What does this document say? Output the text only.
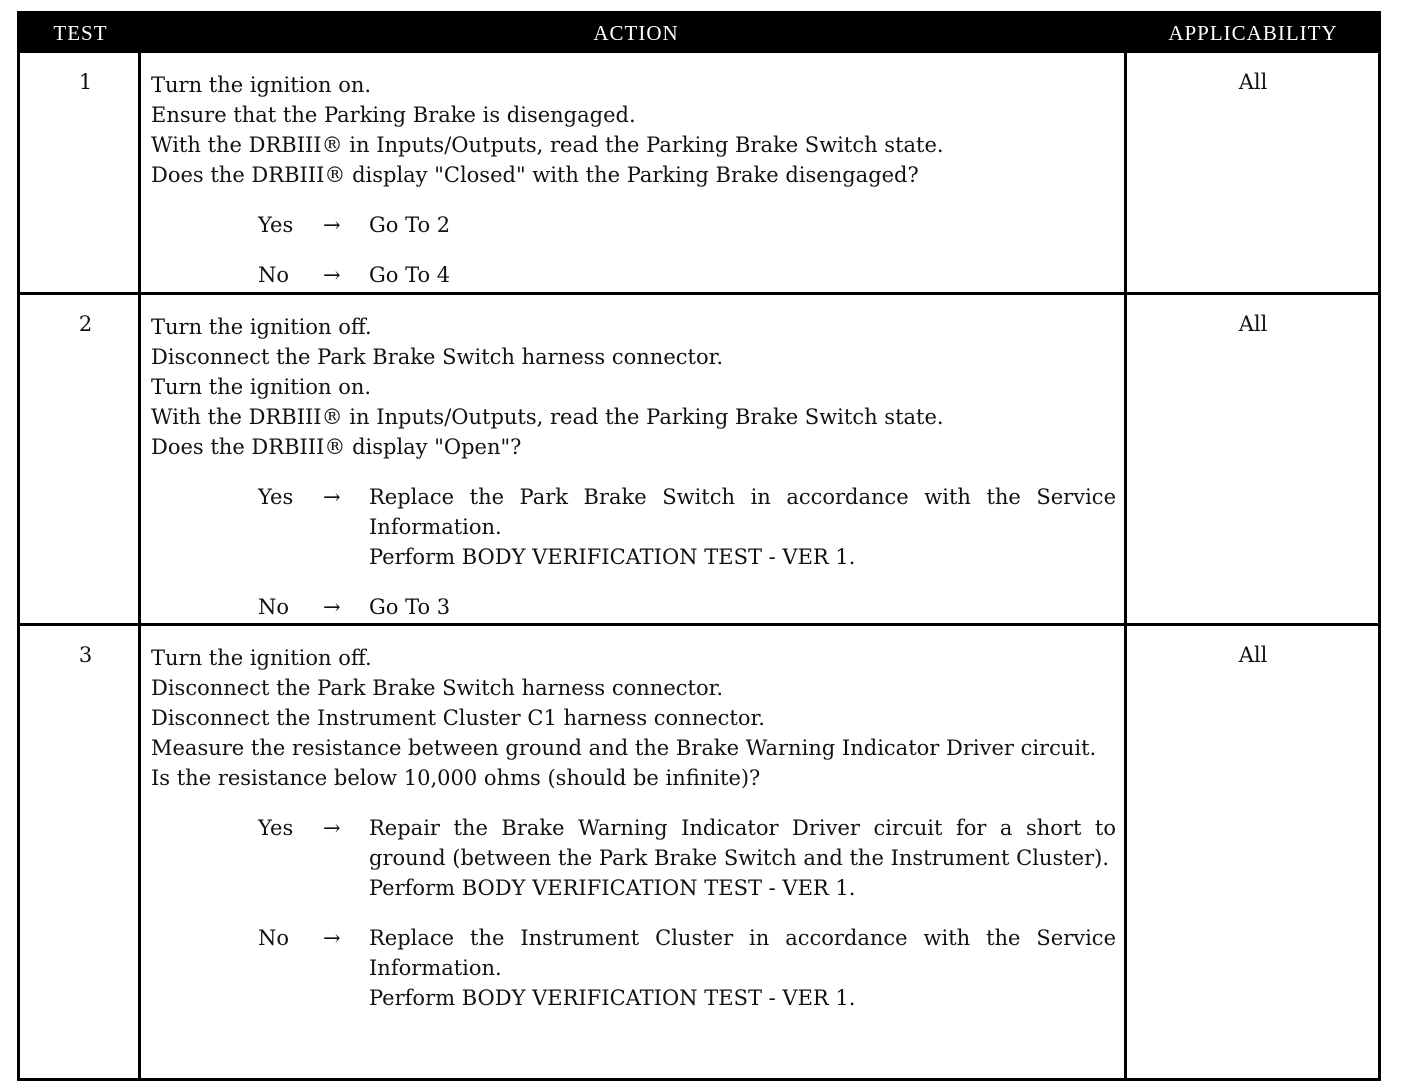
TEST	ACTION	APPLICABILITY
1	Turn the ignition on.
Ensure that the Parking Brake is disengaged.
With the DRBIII® in Inputs/Outputs, read the Parking Brake Switch state.
Does the DRBIII® display "Closed" with the Parking Brake disengaged?
Yes	→	Go To 2
No	→	Go To 4
All
2	Turn the ignition off.
Disconnect the Park Brake Switch harness connector.
Turn the ignition on.
With the DRBIII® in Inputs/Outputs, read the Parking Brake Switch state.
Does the DRBIII® display "Open"?
Yes	→	Replace the Park Brake Switch in accordance with the Service Information.
Perform BODY VERIFICATION TEST - VER 1.
No	→	Go To 3
All
3	Turn the ignition off.
Disconnect the Park Brake Switch harness connector.
Disconnect the Instrument Cluster C1 harness connector.
Measure the resistance between ground and the Brake Warning Indicator Driver circuit.
Is the resistance below 10,000 ohms (should be infinite)?
Yes	→	Repair the Brake Warning Indicator Driver circuit for a short to ground (between the Park Brake Switch and the Instrument Cluster).
Perform BODY VERIFICATION TEST - VER 1.
No	→	Replace the Instrument Cluster in accordance with the Service Information.
Perform BODY VERIFICATION TEST - VER 1.
All
